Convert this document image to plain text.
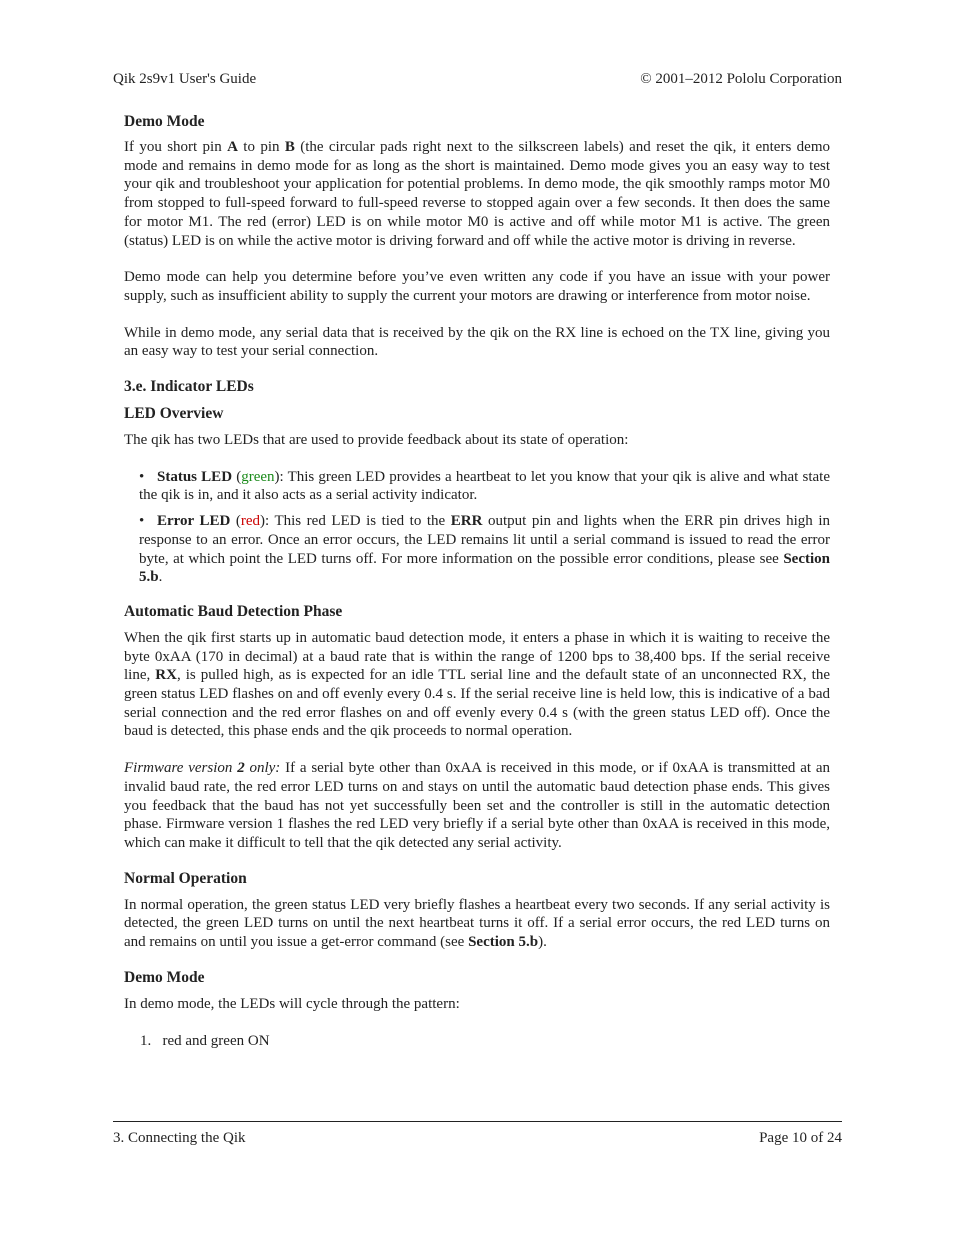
Qik 2s9v1 User's Guide	© 2001–2012 Pololu Corporation
Demo Mode

If you short pin A to pin B (the circular pads right next to the silkscreen labels) and reset the qik, it enters demo mode and remains in demo mode for as long as the short is maintained. Demo mode gives you an easy way to test your qik and troubleshoot your application for potential problems. In demo mode, the qik smoothly ramps motor M0 from stopped to full-speed forward to full-speed reverse to stopped again over a few seconds. It then does the same for motor M1. The red (error) LED is on while motor M0 is active and off while motor M1 is active. The green (status) LED is on while the active motor is driving forward and off while the active motor is driving in reverse.

Demo mode can help you determine before you’ve even written any code if you have an issue with your power supply, such as insufficient ability to supply the current your motors are drawing or interference from motor noise.

While in demo mode, any serial data that is received by the qik on the RX line is echoed on the TX line, giving you an easy way to test your serial connection.

3.e. Indicator LEDs
LED Overview

The qik has two LEDs that are used to provide feedback about its state of operation:

• Status LED (green): This green LED provides a heartbeat to let you know that your qik is alive and what state the qik is in, and it also acts as a serial activity indicator.
• Error LED (red): This red LED is tied to the ERR output pin and lights when the ERR pin drives high in response to an error. Once an error occurs, the LED remains lit until a serial command is issued to read the error byte, at which point the LED turns off. For more information on the possible error conditions, please see Section 5.b.
Automatic Baud Detection Phase

When the qik first starts up in automatic baud detection mode, it enters a phase in which it is waiting to receive the byte 0xAA (170 in decimal) at a baud rate that is within the range of 1200 bps to 38,400 bps. If the serial receive line, RX, is pulled high, as is expected for an idle TTL serial line and the default state of an unconnected RX, the green status LED flashes on and off evenly every 0.4 s. If the serial receive line is held low, this is indicative of a bad serial connection and the red error flashes on and off evenly every 0.4 s (with the green status LED off). Once the baud is detected, this phase ends and the qik proceeds to normal operation.

Firmware version 2 only: If a serial byte other than 0xAA is received in this mode, or if 0xAA is transmitted at an invalid baud rate, the red error LED turns on and stays on until the automatic baud detection phase ends. This gives you feedback that the baud has not yet successfully been set and the controller is still in the automatic detection phase. Firmware version 1 flashes the red LED very briefly if a serial byte other than 0xAA is received in this mode, which can make it difficult to tell that the qik detected any serial activity.

Normal Operation

In normal operation, the green status LED very briefly flashes a heartbeat every two seconds. If any serial activity is detected, the green LED turns on until the next heartbeat turns it off. If a serial error occurs, the red LED turns on and remains on until you issue a get-error command (see Section 5.b).

Demo Mode

In demo mode, the LEDs will cycle through the pattern:

1. red and green ON
3. Connecting the Qik	Page 10 of 24
